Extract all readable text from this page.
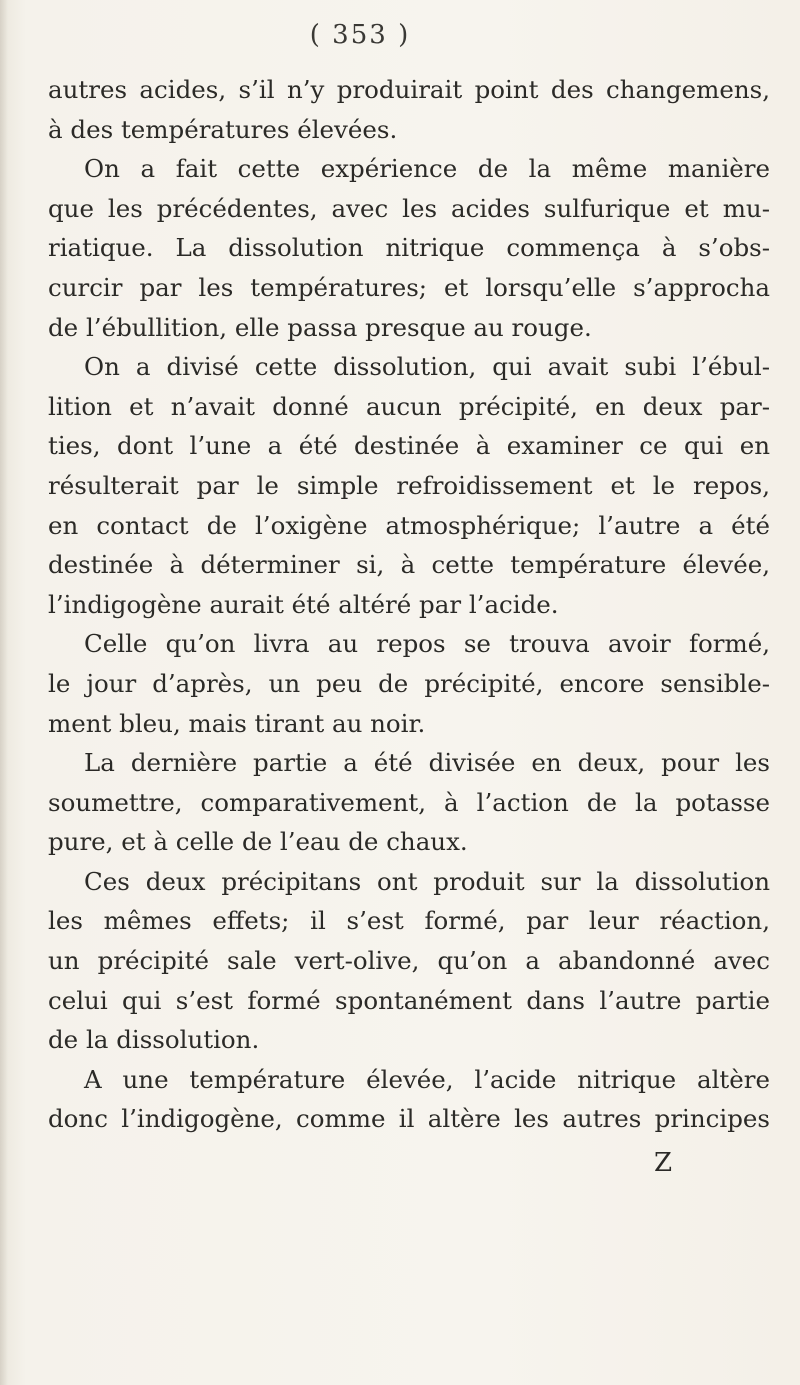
( 353 )
autres acides, s’il n’y produirait point des changemens,
à des températures élevées.
On a fait cette expérience de la même manière
que les précédentes, avec les acides sulfurique et mu-
riatique. La dissolution nitrique commença à s’obs-
curcir par les températures; et lorsqu’elle s’approcha
de l’ébullition, elle passa presque au rouge.
On a divisé cette dissolution, qui avait subi l’ébul-
lition et n’avait donné aucun précipité, en deux par-
ties, dont l’une a été destinée à examiner ce qui en
résulterait par le simple refroidissement et le repos,
en contact de l’oxigène atmosphérique; l’autre a été
destinée à déterminer si, à cette température élevée,
l’indigogène aurait été altéré par l’acide.
Celle qu’on livra au repos se trouva avoir formé,
le jour d’après, un peu de précipité, encore sensible-
ment bleu, mais tirant au noir.
La dernière partie a été divisée en deux, pour les
soumettre, comparativement, à l’action de la potasse
pure, et à celle de l’eau de chaux.
Ces deux précipitans ont produit sur la dissolution
les mêmes effets; il s’est formé, par leur réaction,
un précipité sale vert-olive, qu’on a abandonné avec
celui qui s’est formé spontanément dans l’autre partie
de la dissolution.
A une température élevée, l’acide nitrique altère
donc l’indigogène, comme il altère les autres principes
Z
